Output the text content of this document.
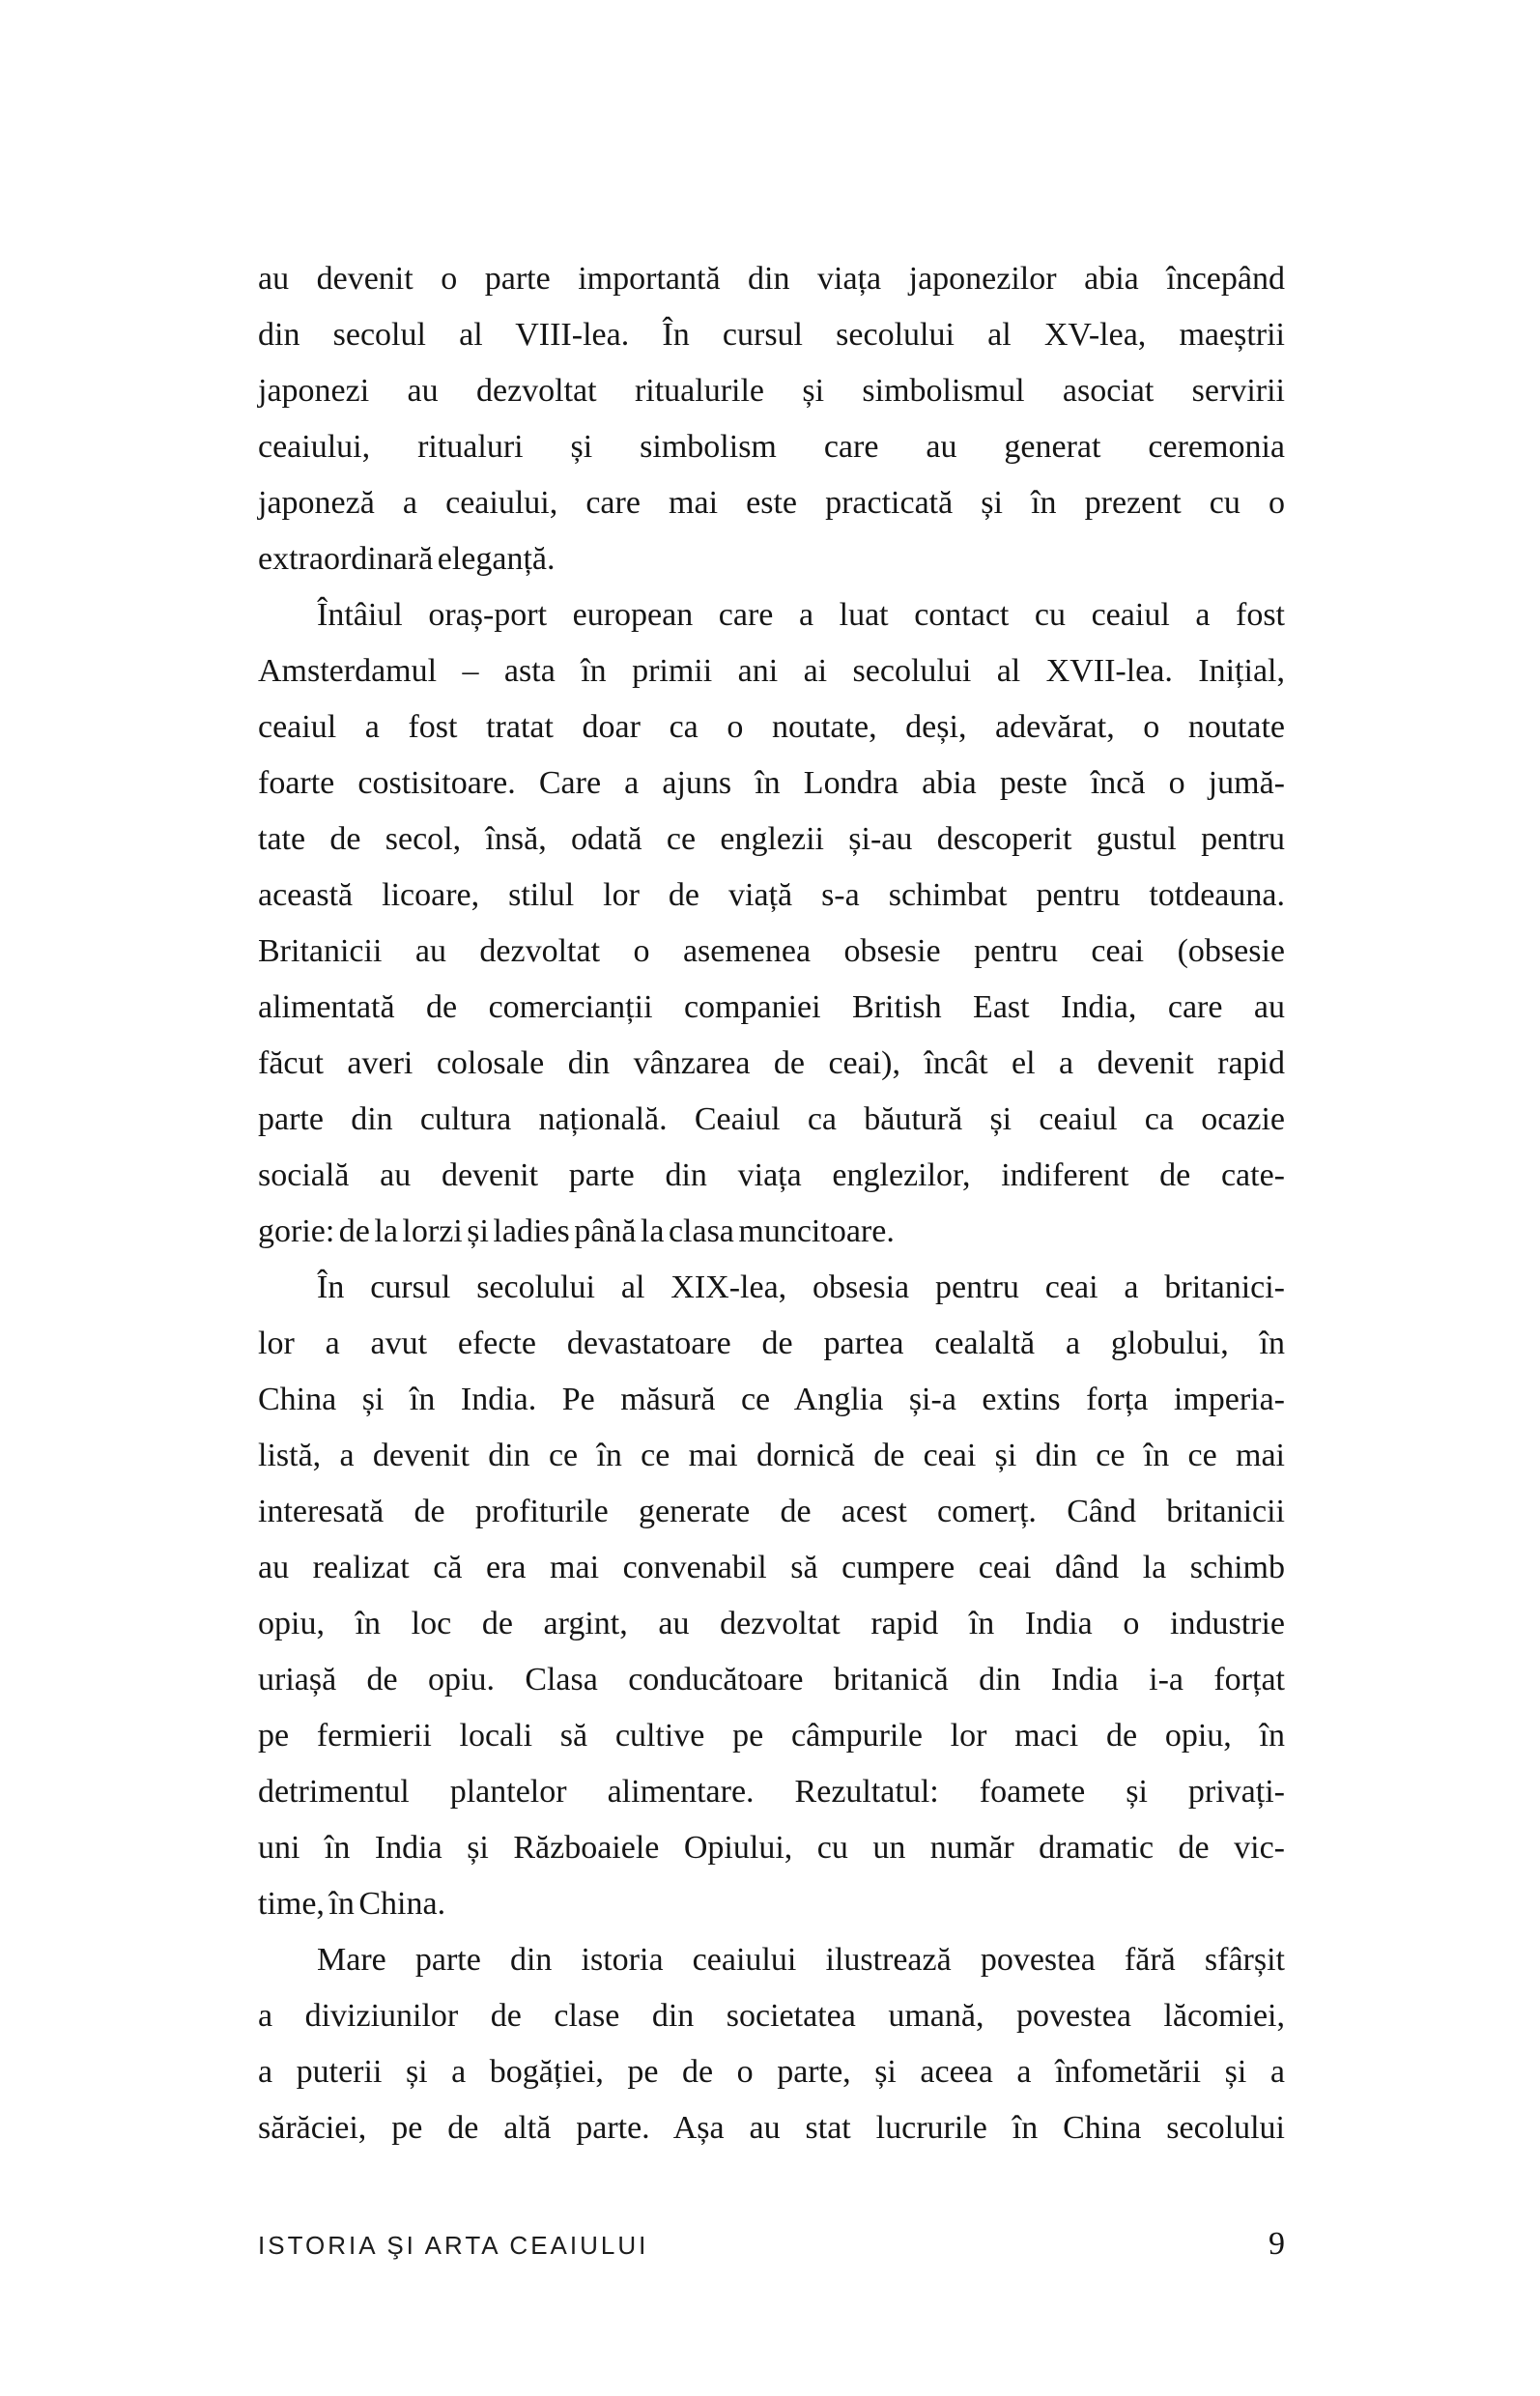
au devenit o parte importantă din viața japonezilor abia începând
din secolul al VIII-lea. În cursul secolului al XV-lea, maeștrii
japonezi au dezvoltat ritualurile și simbolismul asociat servirii
ceaiului, ritualuri și simbolism care au generat ceremonia
japoneză a ceaiului, care mai este practicată și în prezent cu o
extraordinară eleganță.
Întâiul oraș-port european care a luat contact cu ceaiul a fost
Amsterdamul – asta în primii ani ai secolului al XVII-lea. Inițial,
ceaiul a fost tratat doar ca o noutate, deși, adevărat, o noutate
foarte costisitoare. Care a ajuns în Londra abia peste încă o jumă-
tate de secol, însă, odată ce englezii și-au descoperit gustul pentru
această licoare, stilul lor de viață s-a schimbat pentru totdeauna.
Britanicii au dezvoltat o asemenea obsesie pentru ceai (obsesie
alimentată de comercianții companiei British East India, care au
făcut averi colosale din vânzarea de ceai), încât el a devenit rapid
parte din cultura națională. Ceaiul ca băutură și ceaiul ca ocazie
socială au devenit parte din viața englezilor, indiferent de cate-
gorie: de la lorzi și ladies până la clasa muncitoare.
În cursul secolului al XIX-lea, obsesia pentru ceai a britanici-
lor a avut efecte devastatoare de partea cealaltă a globului, în
China și în India. Pe măsură ce Anglia și-a extins forța imperia-
listă, a devenit din ce în ce mai dornică de ceai și din ce în ce mai
interesată de profiturile generate de acest comerț. Când britanicii
au realizat că era mai convenabil să cumpere ceai dând la schimb
opiu, în loc de argint, au dezvoltat rapid în India o industrie
uriașă de opiu. Clasa conducătoare britanică din India i-a forțat
pe fermierii locali să cultive pe câmpurile lor maci de opiu, în
detrimentul plantelor alimentare. Rezultatul: foamete și privați-
uni în India și Războaiele Opiului, cu un număr dramatic de vic-
time, în China.
Mare parte din istoria ceaiului ilustrează povestea fără sfârșit
a diviziunilor de clase din societatea umană, povestea lăcomiei,
a puterii și a bogăției, pe de o parte, și aceea a înfometării și a
sărăciei, pe de altă parte. Așa au stat lucrurile în China secolului
ISTORIA ŞI ARTA CEAIULUI	9
